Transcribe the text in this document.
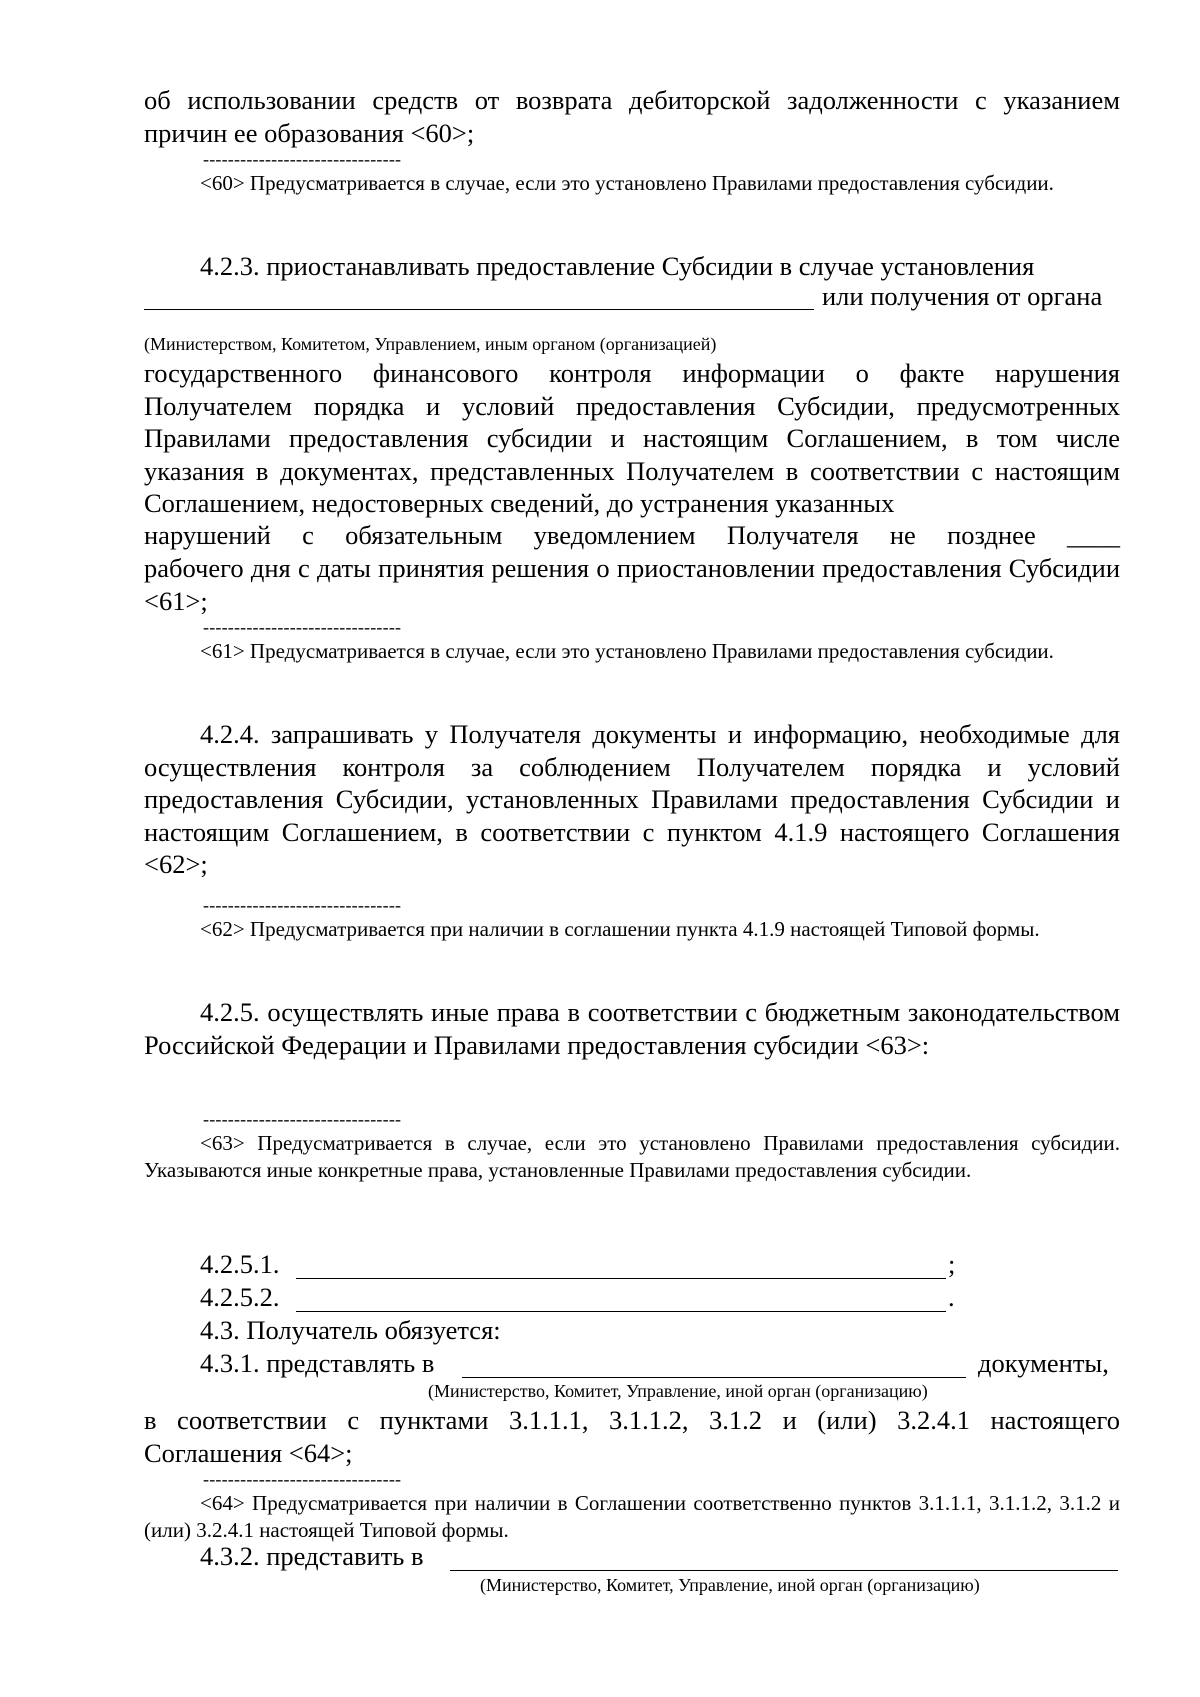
об использовании средств от возврата дебиторской задолженности с указанием причин ее образования <60>;

--------------------------------

<60> Предусматривается в случае, если это установлено Правилами предоставления субсидии.

4.2.3. приостанавливать предоставление Субсидии в случае установления

или получения от органа
(Министерством, Комитетом, Управлением, иным органом (организацией)

государственного финансового контроля информации о факте нарушения Получателем порядка и условий предоставления Субсидии, предусмотренных Правилами предоставления субсидии и настоящим Соглашением, в том числе указания в документах, представленных Получателем в соответствии с настоящим Соглашением, недостоверных сведений, до устранения указанных

нарушений с обязательным уведомлением Получателя не позднее ____

рабочего дня с даты принятия решения о приостановлении предоставления Субсидии <61>;

--------------------------------

<61> Предусматривается в случае, если это установлено Правилами предоставления субсидии.

4.2.4. запрашивать у Получателя документы и информацию, необходимые для осуществления контроля за соблюдением Получателем порядка и условий предоставления Субсидии, установленных Правилами предоставления Субсидии и настоящим Соглашением, в соответствии с пунктом 4.1.9 настоящего Соглашения <62>;

--------------------------------

<62> Предусматривается при наличии в соглашении пункта 4.1.9 настоящей Типовой формы.

4.2.5. осуществлять иные права в соответствии с бюджетным законодательством Российской Федерации и Правилами предоставления субсидии <63>:

--------------------------------

<63> Предусматривается в случае, если это установлено Правилами предоставления субсидии. Указываются иные конкретные права, установленные Правилами предоставления субсидии.

4.2.5.1.	;
4.2.5.2.	.
4.3. Получатель обязуется:
4.3.1. представлять в	документы,
(Министерство, Комитет, Управление, иной орган (организацию)

в соответствии с пунктами 3.1.1.1, 3.1.1.2, 3.1.2 и (или) 3.2.4.1 настоящего Соглашения <64>;

--------------------------------

<64> Предусматривается при наличии в Соглашении соответственно пунктов 3.1.1.1, 3.1.1.2, 3.1.2 и (или) 3.2.4.1 настоящей Типовой формы.

4.3.2. представить в
(Министерство, Комитет, Управление, иной орган (организацию)
